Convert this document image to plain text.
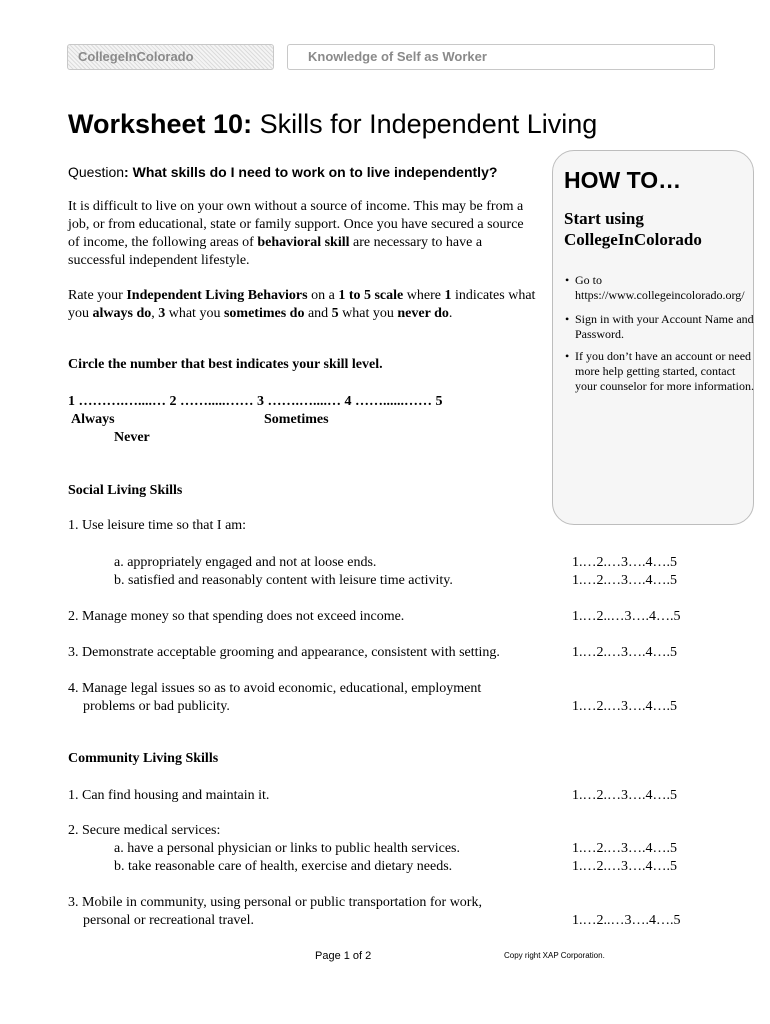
CollegeInColorado	Knowledge of Self as Worker
Worksheet 10: Skills for Independent Living
Question: What skills do I need to work on to live independently?
It is difficult to live on your own without a source of income. This may be from a job, or from educational, state or family support. Once you have secured a source of income, the following areas of behavioral skill are necessary to have a successful independent lifestyle.
Rate your Independent Living Behaviors on a 1 to 5 scale where 1 indicates what you always do, 3 what you sometimes do and 5 what you never do.
Circle the number that best indicates your skill level.
1 ……….…....… 2 …….....…… 3 …….…....… 4 ……......…… 5
Always	Sometimes
Never
HOW TO…
Start using CollegeInColorado
• Go to https://www.collegeincolorado.org/
• Sign in with your Account Name and Password.
• If you don’t have an account or need more help getting started, contact your counselor for more information.
Social Living Skills
1. Use leisure time so that I am:
a. appropriately engaged and not at loose ends.	1.…2.…3….4….5
b. satisfied and reasonably content with leisure time activity.	1.…2.…3….4….5
2. Manage money so that spending does not exceed income.	1.…2..…3….4….5
3. Demonstrate acceptable grooming and appearance, consistent with setting.	1.…2.…3….4….5
4. Manage legal issues so as to avoid economic, educational, employment
problems or bad publicity.	1.…2.…3….4….5
Community Living Skills
1. Can find housing and maintain it.	1.…2.…3….4….5
2. Secure medical services:
a. have a personal physician or links to public health services.	1.…2.…3….4….5
b. take reasonable care of health, exercise and dietary needs.	1.…2.…3….4….5
3. Mobile in community, using personal or public transportation for work,
personal or recreational travel.	1.…2..…3….4….5
Page 1 of 2	Copy right XAP Corporation.
